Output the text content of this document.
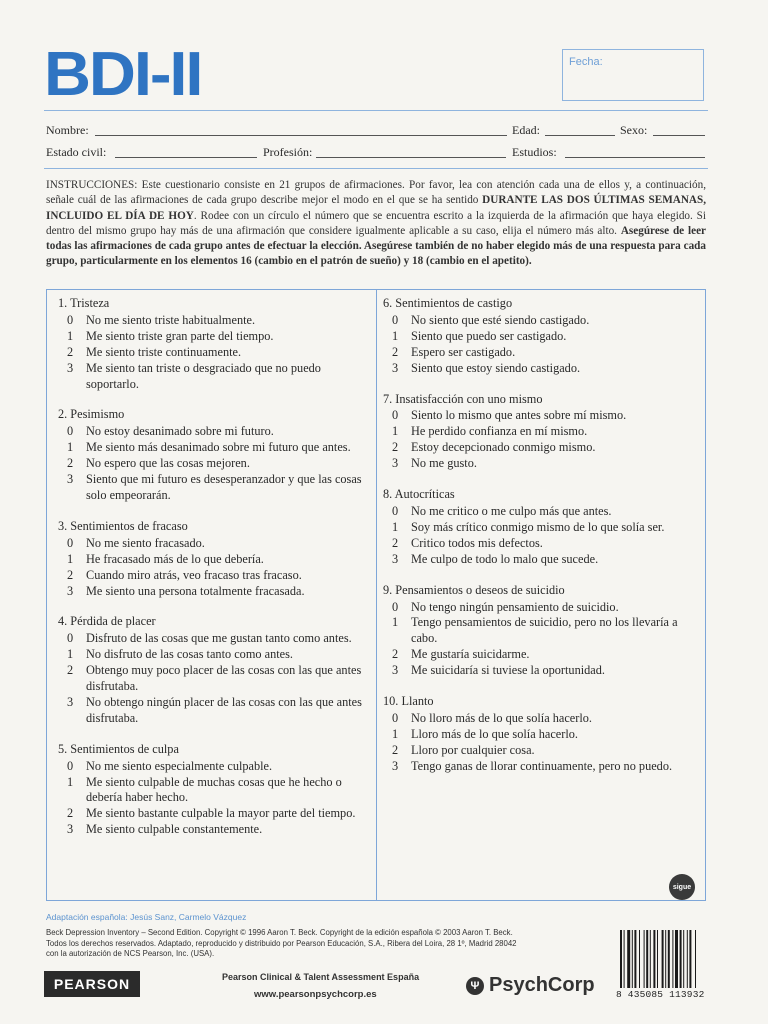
BDI-II	Fecha:
Nombre:	Edad:	Sexo:
Estado civil:	Profesión:	Estudios:
INSTRUCCIONES: Este cuestionario consiste en 21 grupos de afirmaciones. Por favor, lea con atención cada una de ellos y, a continuación, señale cuál de las afirmaciones de cada grupo describe mejor el modo en el que se ha sentido DURANTE LAS DOS ÚLTIMAS SEMANAS, INCLUIDO EL DÍA DE HOY. Rodee con un círculo el número que se encuentra escrito a la izquierda de la afirmación que haya elegido. Si dentro del mismo grupo hay más de una afirmación que considere igualmente aplicable a su caso, elija el número más alto. Asegúrese de leer todas las afirmaciones de cada grupo antes de efectuar la elección. Asegúrese también de no haber elegido más de una respuesta para cada grupo, particularmente en los elementos 16 (cambio en el patrón de sueño) y 18 (cambio en el apetito).
1. Tristeza
0	No me siento triste habitualmente.
1	Me siento triste gran parte del tiempo.
2	Me siento triste continuamente.
3	Me siento tan triste o desgraciado que no puedo soportarlo.
2. Pesimismo
0	No estoy desanimado sobre mi futuro.
1	Me siento más desanimado sobre mi futuro que antes.
2	No espero que las cosas mejoren.
3	Siento que mi futuro es desesperanzador y que las cosas solo empeorarán.
3. Sentimientos de fracaso
0	No me siento fracasado.
1	He fracasado más de lo que debería.
2	Cuando miro atrás, veo fracaso tras fracaso.
3	Me siento una persona totalmente fracasada.
4. Pérdida de placer
0	Disfruto de las cosas que me gustan tanto como antes.
1	No disfruto de las cosas tanto como antes.
2	Obtengo muy poco placer de las cosas con las que antes disfrutaba.
3	No obtengo ningún placer de las cosas con las que antes disfrutaba.
5. Sentimientos de culpa
0	No me siento especialmente culpable.
1	Me siento culpable de muchas cosas que he hecho o debería haber hecho.
2	Me siento bastante culpable la mayor parte del tiempo.
3	Me siento culpable constantemente.
6. Sentimientos de castigo
0	No siento que esté siendo castigado.
1	Siento que puedo ser castigado.
2	Espero ser castigado.
3	Siento que estoy siendo castigado.
7. Insatisfacción con uno mismo
0	Siento lo mismo que antes sobre mí mismo.
1	He perdido confianza en mí mismo.
2	Estoy decepcionado conmigo mismo.
3	No me gusto.
8. Autocríticas
0	No me critico o me culpo más que antes.
1	Soy más crítico conmigo mismo de lo que solía ser.
2	Critico todos mis defectos.
3	Me culpo de todo lo malo que sucede.
9. Pensamientos o deseos de suicidio
0	No tengo ningún pensamiento de suicidio.
1	Tengo pensamientos de suicidio, pero no los llevaría a cabo.
2	Me gustaría suicidarme.
3	Me suicidaría si tuviese la oportunidad.
10. Llanto
0	No lloro más de lo que solía hacerlo.
1	Lloro más de lo que solía hacerlo.
2	Lloro por cualquier cosa.
3	Tengo ganas de llorar continuamente, pero no puedo.
sigue
Adaptación española: Jesús Sanz, Carmelo Vázquez
Beck Depression Inventory – Second Edition. Copyright © 1996 Aaron T. Beck. Copyright de la edición española © 2003 Aaron T. Beck.
Todos los derechos reservados. Adaptado, reproducido y distribuido por Pearson Educación, S.A., Ribera del Loira, 28 1º, Madrid 28042
con la autorización de NCS Pearson, Inc. (USA).
PEARSON	Pearson Clinical & Talent Assessment España
www.pearsonpsychcorp.es
Ψ PsychCorp 8 435085 113932
